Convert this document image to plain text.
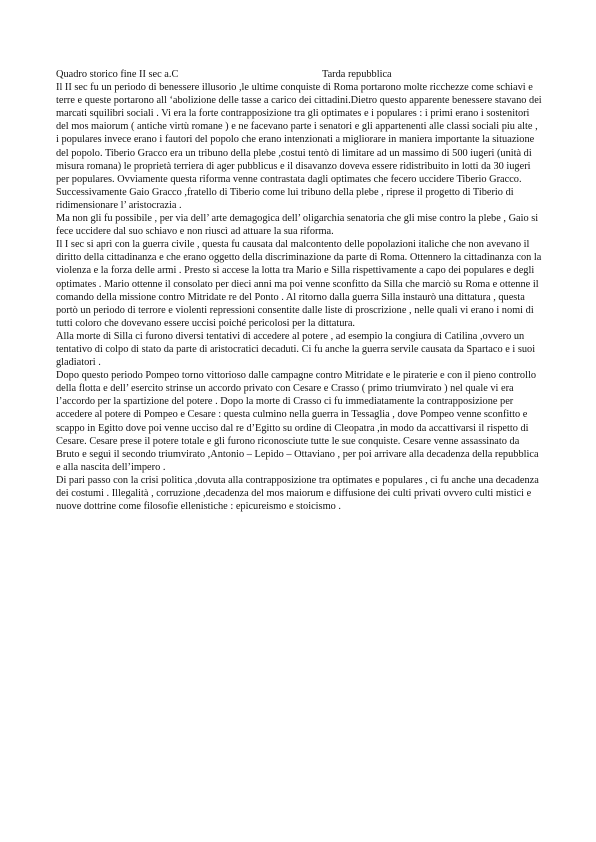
Quadro storico fine II sec a.C	Tarda repubblica

Il II sec fu un periodo di benessere illusorio ,le ultime conquiste di Roma portarono molte ricchezze come schiavi e terre e queste portarono all ‘abolizione delle tasse a carico dei cittadini.Dietro questo apparente benessere stavano dei marcati squilibri sociali . Vi era la forte contrapposizione tra gli optimates e i populares : i primi erano i sostenitori del mos maiorum ( antiche virtù romane ) e ne facevano parte i senatori e gli appartenenti alle classi sociali piu alte , i populares invece erano i fautori del popolo che erano intenzionati a migliorare in maniera importante la situazione del popolo. Tiberio Gracco era un tribuno della plebe ,costui tentò di limitare ad un massimo di 500 iugeri (unità di misura romana) le proprietà terriera di ager pubblicus e il disavanzo doveva essere ridistribuito in lotti da 30 iugeri per populares. Ovviamente questa riforma venne contrastata dagli optimates che fecero uccidere Tiberio Gracco. Successivamente Gaio Gracco ,fratello di Tiberio come lui tribuno della plebe , riprese il progetto di Tiberio di ridimensionare l’ aristocrazia .

Ma non gli fu possibile , per via dell’ arte demagogica dell’ oligarchia senatoria che gli mise contro la plebe , Gaio si fece uccidere dal suo schiavo e non riuscì ad attuare la sua riforma.

Il I sec si aprì con la guerra civile , questa fu causata dal malcontento delle popolazioni italiche che non avevano il diritto della cittadinanza e che erano oggetto della discriminazione da parte di Roma. Ottennero la cittadinanza con la violenza e la forza delle armi . Presto si accese la lotta tra Mario e Silla rispettivamente a capo dei populares e degli optimates . Mario ottenne il consolato per dieci anni ma poi venne sconfitto da Silla che marciò su Roma e ottenne il comando della missione contro Mitridate re del Ponto . Al ritorno dalla guerra Silla instaurò una dittatura , questa portò un periodo di terrore e violenti repressioni consentite dalle liste di proscrizione , nelle quali vi erano i nomi di tutti coloro che dovevano essere uccisi poiché pericolosi per la dittatura.

Alla morte di Silla ci furono diversi tentativi di accedere al potere , ad esempio la congiura di Catilina ,ovvero un tentativo di colpo di stato da parte di aristocratici decaduti. Ci fu anche la guerra servile causata da Spartaco e i suoi gladiatori .

Dopo questo periodo Pompeo torno vittorioso dalle campagne contro Mitridate e le piraterie e con il pieno controllo della flotta e dell’ esercito strinse un accordo privato con Cesare e Crasso ( primo triumvirato ) nel quale vi era l’accordo per la spartizione del potere . Dopo la morte di Crasso ci fu immediatamente la contrapposizione per accedere al potere di Pompeo e Cesare : questa culmino nella guerra in Tessaglia , dove Pompeo venne sconfitto e scappo in Egitto dove poi venne ucciso dal re d’Egitto su ordine di Cleopatra ,in modo da accattivarsi il rispetto di Cesare. Cesare prese il potere totale e gli furono riconosciute tutte le sue conquiste. Cesare venne assassinato da Bruto e seguì il secondo triumvirato ,Antonio – Lepido – Ottaviano , per poi arrivare alla decadenza della repubblica e alla nascita dell’impero .

Di pari passo con la crisi politica ,dovuta alla contrapposizione tra optimates e populares , ci fu anche una decadenza dei costumi . Illegalità , corruzione ,decadenza del mos maiorum e diffusione dei culti privati ovvero culti mistici e nuove dottrine come filosofie ellenistiche : epicureismo e stoicismo .
